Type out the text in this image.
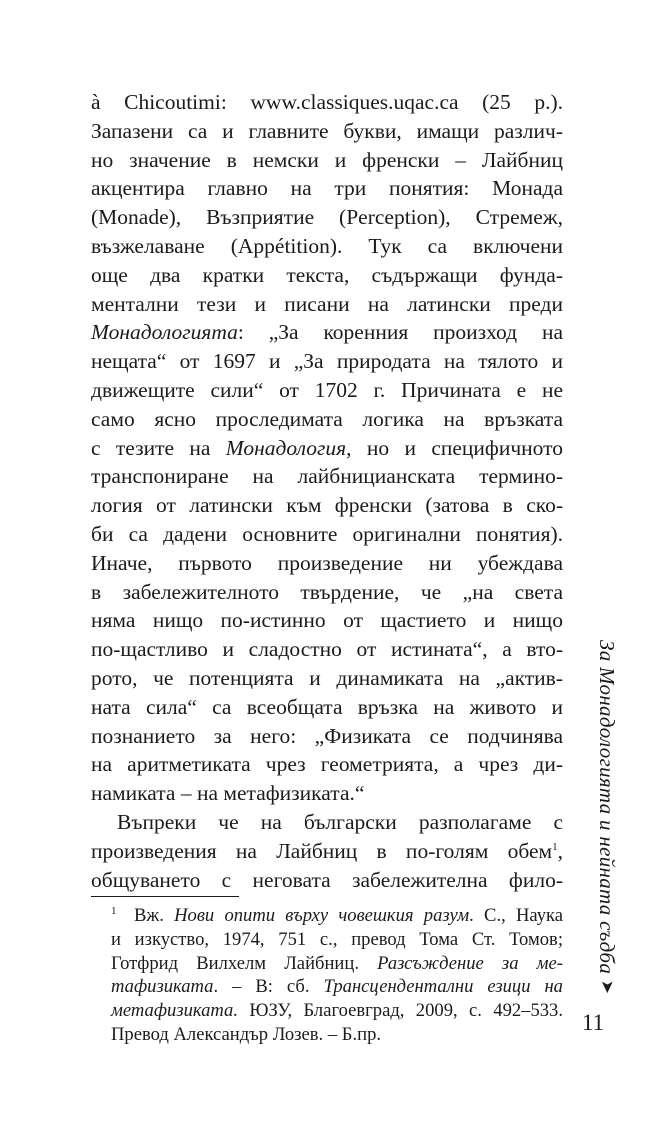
à Chicoutimi: www.classiques.uqac.ca (25 p.).
Запазени са и главните букви, имащи различ-
но значение в немски и френски – Лайбниц
акцентира главно на три понятия: Монада
(Monade), Възприятие (Perception), Стремеж,
възжелаване (Appétition). Тук са включени
още два кратки текста, съдържащи фунда-
ментални тези и писани на латински преди
Монадологията: „За коренния произход на
нещата“ от 1697 и „За природата на тялото и
движещите сили“ от 1702 г. Причината е не
само ясно проследимата логика на връзката
с тезите на Монадология, но и специфичното
транспониране на лайбницианската термино-
логия от латински към френски (затова в ско-
би са дадени основните оригинални понятия).
Иначе, първото произведение ни убеждава
в забележителното твърдение, че „на света
няма нищо по-истинно от щастието и нищо
по-щастливо и сладостно от истината“, а вто-
рото, че потенцията и динамиката на „актив-
ната сила“ са всеобщата връзка на живото и
познанието за него: „Физиката се подчинява
на аритметиката чрез геометрията, а чрез ди-
намиката – на метафизиката.“
Въпреки че на български разполагаме с
произведения на Лайбниц в по-голям обем$^1$,
общуването с неговата забележителна фило-
1 Вж. Нови опити върху човешкия разум. С., Наука
и изкуство, 1974, 751 с., превод Тома Ст. Томов;
Готфрид Вилхелм Лайбниц. Разсъждение за ме-
тафизиката. – В: сб. Трансцендентални езици на
метафизиката. ЮЗУ, Благоевград, 2009, с. 492–533.
Превод Александър Лозев. – Б.пр.
За Монадологията и нейната съдба ➤
11
